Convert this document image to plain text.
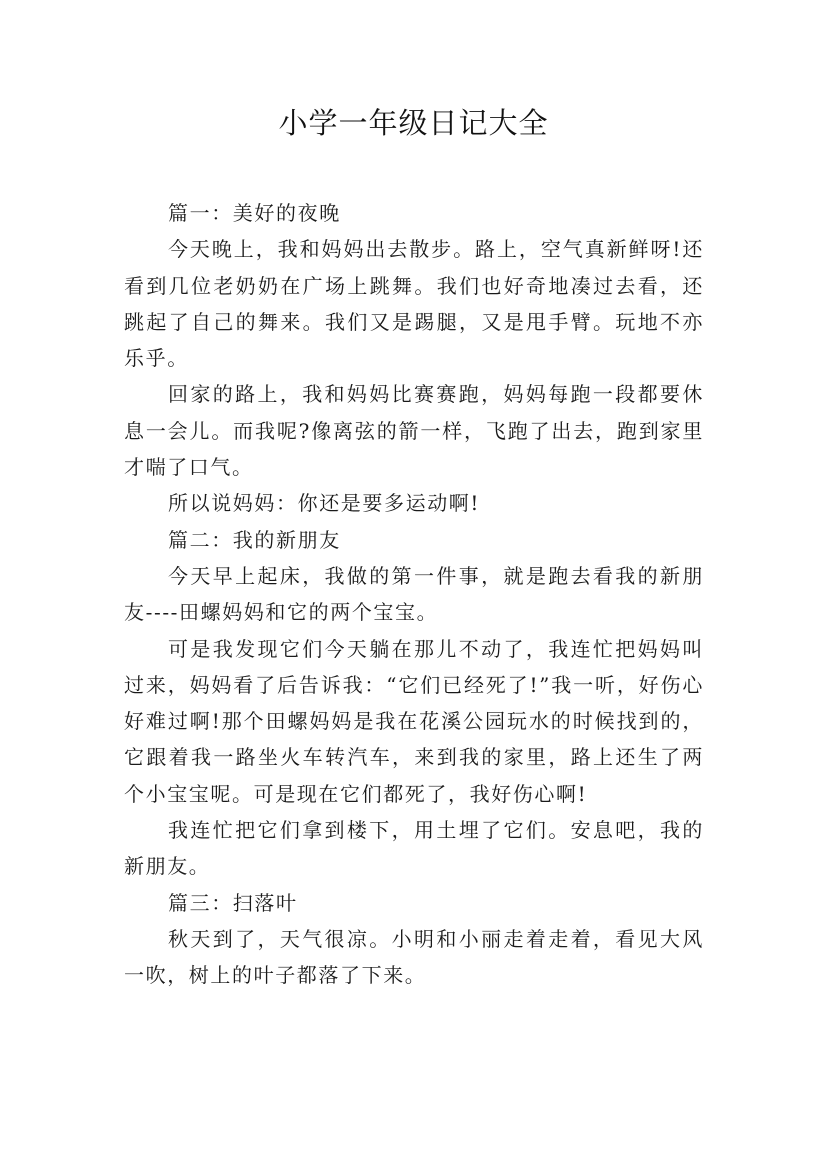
小学一年级日记大全

篇一：美好的夜晚

今天晚上，我和妈妈出去散步。路上，空气真新鲜呀!还看到几位老奶奶在广场上跳舞。我们也好奇地凑过去看，还跳起了自己的舞来。我们又是踢腿，又是甩手臂。玩地不亦乐乎。

回家的路上，我和妈妈比赛赛跑，妈妈每跑一段都要休息一会儿。而我呢?像离弦的箭一样，飞跑了出去，跑到家里才喘了口气。

所以说妈妈：你还是要多运动啊!

篇二：我的新朋友

今天早上起床，我做的第一件事，就是跑去看我的新朋友----田螺妈妈和它的两个宝宝。

可是我发现它们今天躺在那儿不动了，我连忙把妈妈叫过来，妈妈看了后告诉我：“它们已经死了!”我一听，好伤心好难过啊!那个田螺妈妈是我在花溪公园玩水的时候找到的，它跟着我一路坐火车转汽车，来到我的家里，路上还生了两个小宝宝呢。可是现在它们都死了，我好伤心啊!

我连忙把它们拿到楼下，用土埋了它们。安息吧，我的新朋友。

篇三：扫落叶

秋天到了，天气很凉。小明和小丽走着走着，看见大风一吹，树上的叶子都落了下来。
